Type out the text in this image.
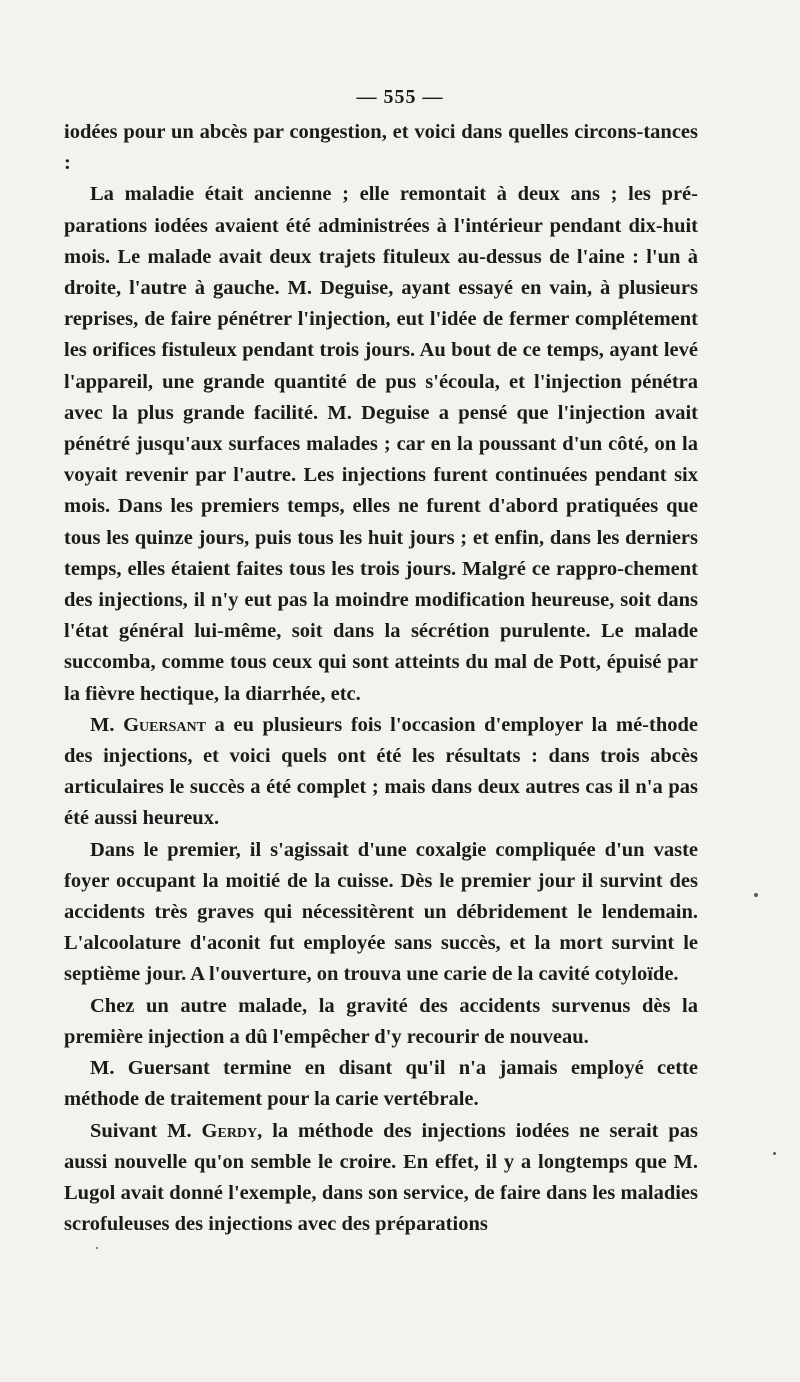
— 555 —

iodées pour un abcès par congestion, et voici dans quelles circons-tances :

La maladie était ancienne ; elle remontait à deux ans ; les pré-parations iodées avaient été administrées à l'intérieur pendant dix-huit mois. Le malade avait deux trajets fituleux au-dessus de l'aine : l'un à droite, l'autre à gauche. M. Deguise, ayant essayé en vain, à plusieurs reprises, de faire pénétrer l'injection, eut l'idée de fermer complétement les orifices fistuleux pendant trois jours. Au bout de ce temps, ayant levé l'appareil, une grande quantité de pus s'écoula, et l'injection pénétra avec la plus grande facilité. M. Deguise a pensé que l'injection avait pénétré jusqu'aux surfaces malades ; car en la poussant d'un côté, on la voyait revenir par l'autre. Les injections furent continuées pendant six mois. Dans les premiers temps, elles ne furent d'abord pratiquées que tous les quinze jours, puis tous les huit jours ; et enfin, dans les derniers temps, elles étaient faites tous les trois jours. Malgré ce rappro-chement des injections, il n'y eut pas la moindre modification heureuse, soit dans l'état général lui-même, soit dans la sécrétion purulente. Le malade succomba, comme tous ceux qui sont atteints du mal de Pott, épuisé par la fièvre hectique, la diarrhée, etc.

M. Guersant a eu plusieurs fois l'occasion d'employer la mé-thode des injections, et voici quels ont été les résultats : dans trois abcès articulaires le succès a été complet ; mais dans deux autres cas il n'a pas été aussi heureux.

Dans le premier, il s'agissait d'une coxalgie compliquée d'un vaste foyer occupant la moitié de la cuisse. Dès le premier jour il survint des accidents très graves qui nécessitèrent un débridement le lendemain. L'alcoolature d'aconit fut employée sans succès, et la mort survint le septième jour. A l'ouverture, on trouva une carie de la cavité cotyloïde.

Chez un autre malade, la gravité des accidents survenus dès la première injection a dû l'empêcher d'y recourir de nouveau.

M. Guersant termine en disant qu'il n'a jamais employé cette méthode de traitement pour la carie vertébrale.

Suivant M. Gerdy, la méthode des injections iodées ne serait pas aussi nouvelle qu'on semble le croire. En effet, il y a longtemps que M. Lugol avait donné l'exemple, dans son service, de faire dans les maladies scrofuleuses des injections avec des préparations
